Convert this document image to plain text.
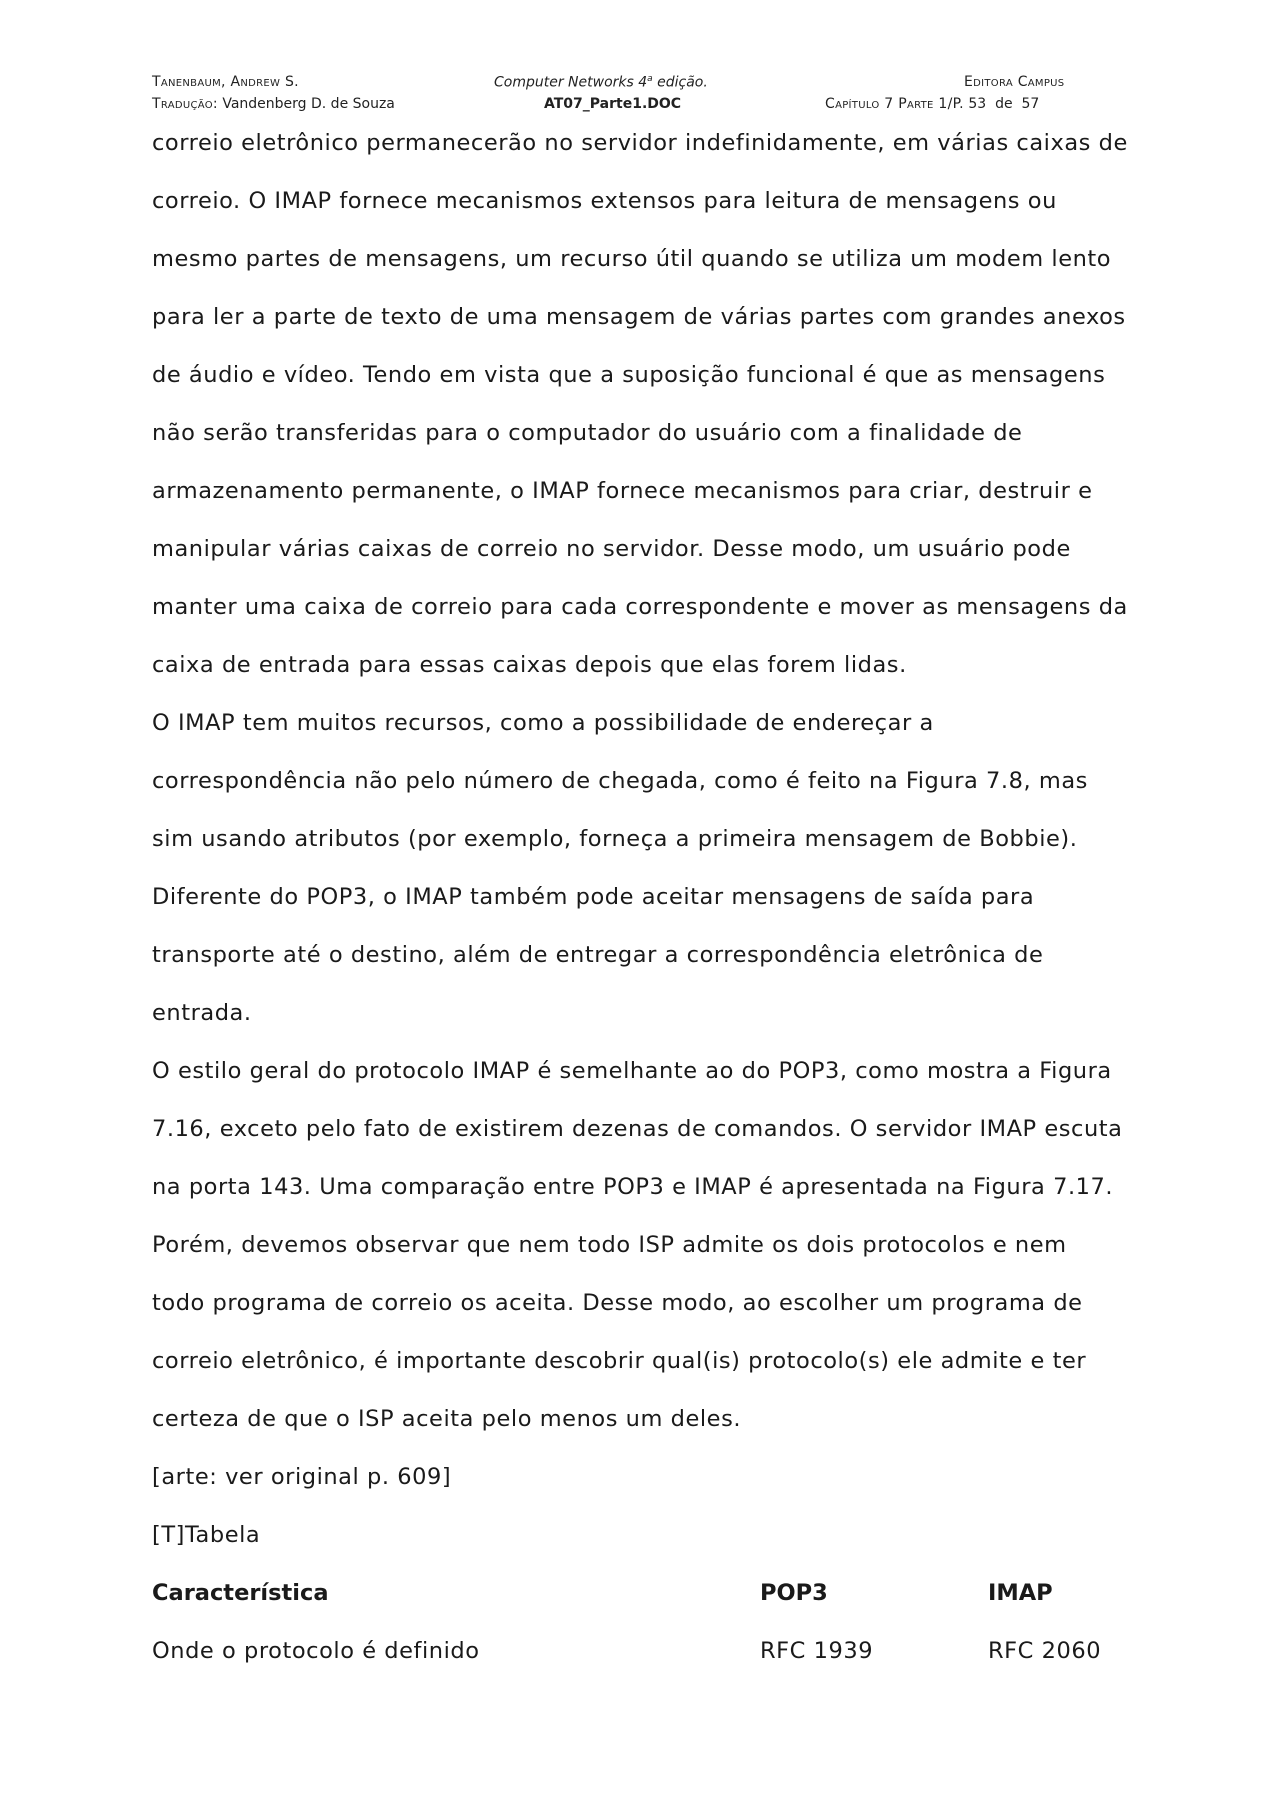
Tanenbaum, Andrew S.	Computer Networks 4$^a$ edição.	Editora Campus
Tradução: Vandenberg D. de Souza	AT07_Parte1.DOC	Capítulo 7 Parte 1/P. 53  de  57

correio eletrônico permanecerão no servidor indefinidamente, em várias caixas de
correio. O IMAP fornece mecanismos extensos para leitura de mensagens ou
mesmo partes de mensagens, um recurso útil quando se utiliza um modem lento
para ler a parte de texto de uma mensagem de várias partes com grandes anexos
de áudio e vídeo. Tendo em vista que a suposição funcional é que as mensagens
não serão transferidas para o computador do usuário com a finalidade de
armazenamento permanente, o IMAP fornece mecanismos para criar, destruir e
manipular várias caixas de correio no servidor. Desse modo, um usuário pode
manter uma caixa de correio para cada correspondente e mover as mensagens da
caixa de entrada para essas caixas depois que elas forem lidas.

O IMAP tem muitos recursos, como a possibilidade de endereçar a
correspondência não pelo número de chegada, como é feito na Figura 7.8, mas
sim usando atributos (por exemplo, forneça a primeira mensagem de Bobbie).
Diferente do POP3, o IMAP também pode aceitar mensagens de saída para
transporte até o destino, além de entregar a correspondência eletrônica de
entrada.

O estilo geral do protocolo IMAP é semelhante ao do POP3, como mostra a Figura
7.16, exceto pelo fato de existirem dezenas de comandos. O servidor IMAP escuta
na porta 143. Uma comparação entre POP3 e IMAP é apresentada na Figura 7.17.
Porém, devemos observar que nem todo ISP admite os dois protocolos e nem
todo programa de correio os aceita. Desse modo, ao escolher um programa de
correio eletrônico, é importante descobrir qual(is) protocolo(s) ele admite e ter
certeza de que o ISP aceita pelo menos um deles.

[arte: ver original p. 609]

[T]Tabela

Característica	POP3	IMAP
Onde o protocolo é definido	RFC 1939	RFC 2060
